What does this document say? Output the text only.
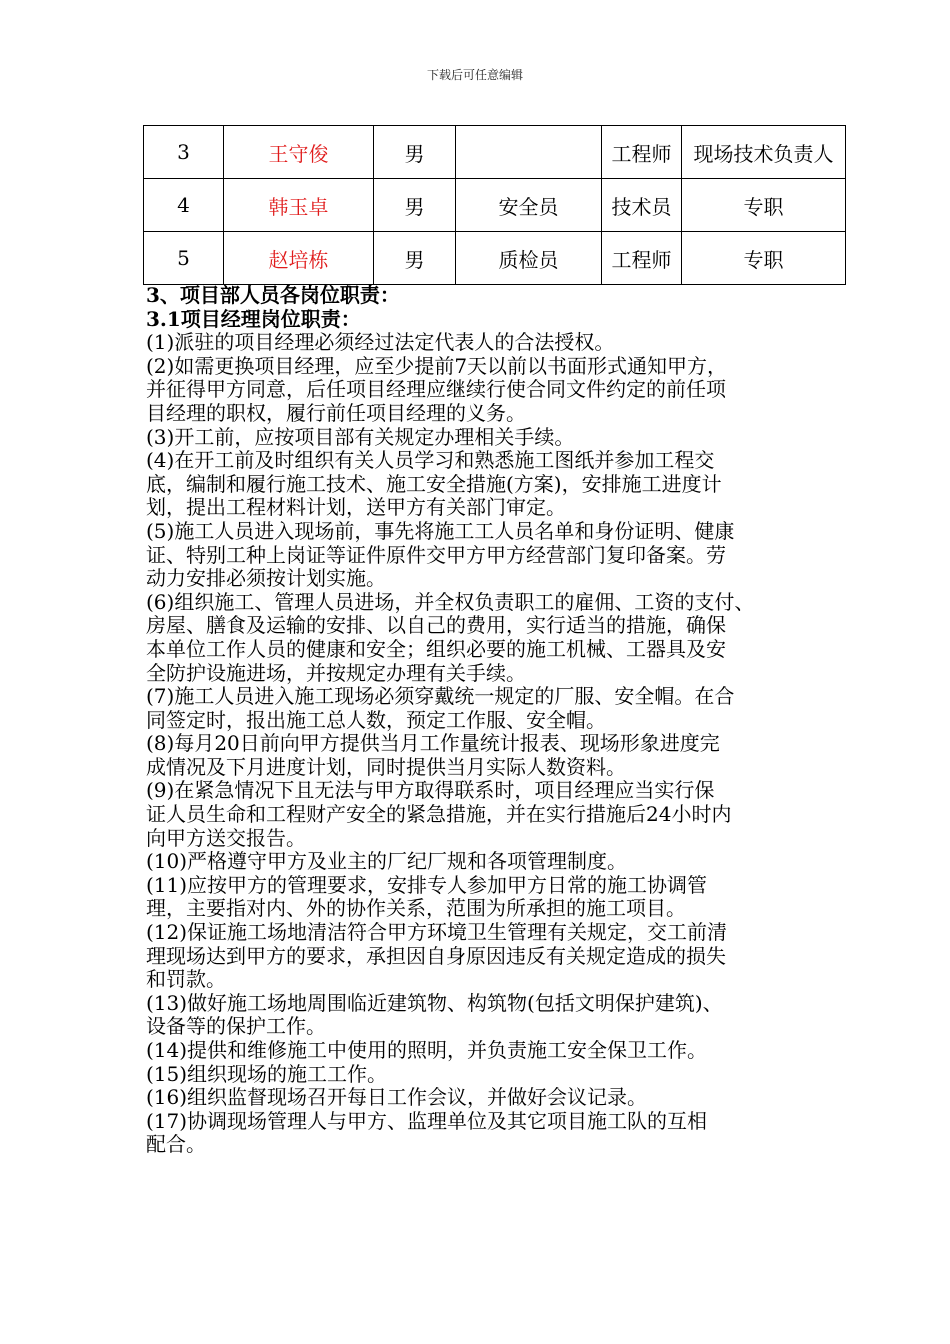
下载后可任意编辑
3	王守俊	男		工程师	现场技术负责人
4	韩玉卓	男	安全员	技术员	专职
5	赵培栋	男	质检员	工程师	专职

3、项目部人员各岗位职责：

3.1项目经理岗位职责：

(1)派驻的项目经理必须经过法定代表人的合法授权。

(2)如需更换项目经理，应至少提前7天以前以书面形式通知甲方，

并征得甲方同意，后任项目经理应继续行使合同文件约定的前任项

目经理的职权，履行前任项目经理的义务。

(3)开工前，应按项目部有关规定办理相关手续。

(4)在开工前及时组织有关人员学习和熟悉施工图纸并参加工程交

底，编制和履行施工技术、施工安全措施(方案)，安排施工进度计

划，提出工程材料计划，送甲方有关部门审定。

(5)施工人员进入现场前，事先将施工工人员名单和身份证明、健康

证、特别工种上岗证等证件原件交甲方甲方经营部门复印备案。劳

动力安排必须按计划实施。

(6)组织施工、管理人员进场，并全权负责职工的雇佣、工资的支付、

房屋、膳食及运输的安排、以自己的费用，实行适当的措施，确保

本单位工作人员的健康和安全；组织必要的施工机械、工器具及安

全防护设施进场，并按规定办理有关手续。

(7)施工人员进入施工现场必须穿戴统一规定的厂服、安全帽。在合

同签定时，报出施工总人数，预定工作服、安全帽。

(8)每月20日前向甲方提供当月工作量统计报表、现场形象进度完

成情况及下月进度计划，同时提供当月实际人数资料。

(9)在紧急情况下且无法与甲方取得联系时，项目经理应当实行保

证人员生命和工程财产安全的紧急措施，并在实行措施后24小时内

向甲方送交报告。

(10)严格遵守甲方及业主的厂纪厂规和各项管理制度。

(11)应按甲方的管理要求，安排专人参加甲方日常的施工协调管

理，主要指对内、外的协作关系，范围为所承担的施工项目。

(12)保证施工场地清洁符合甲方环境卫生管理有关规定，交工前清

理现场达到甲方的要求，承担因自身原因违反有关规定造成的损失

和罚款。

(13)做好施工场地周围临近建筑物、构筑物(包括文明保护建筑)、

设备等的保护工作。

(14)提供和维修施工中使用的照明，并负责施工安全保卫工作。

(15)组织现场的施工工作。

(16)组织监督现场召开每日工作会议，并做好会议记录。

(17)协调现场管理人与甲方、监理单位及其它项目施工队的互相

配合。
